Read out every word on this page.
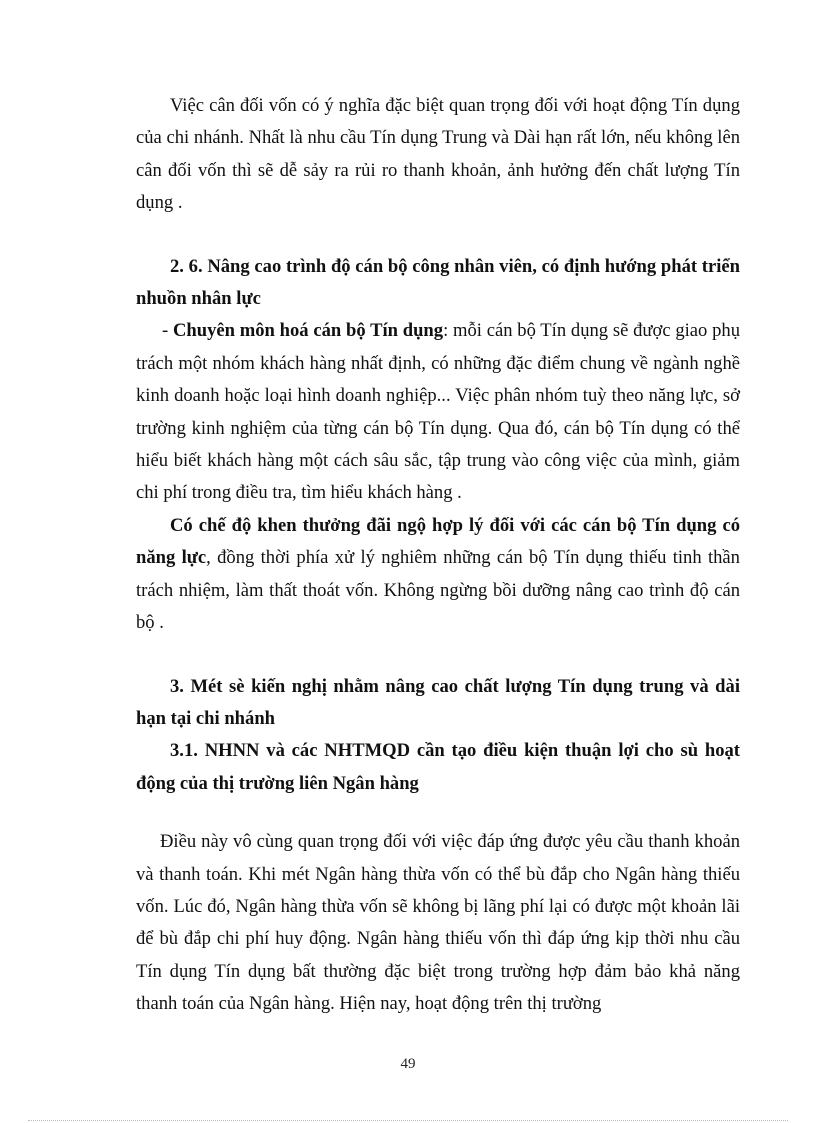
Việc cân đối vốn có ý nghĩa đặc biệt quan trọng đối với hoạt động Tín dụng của chi nhánh. Nhất là nhu cầu Tín dụng Trung và Dài hạn rất lớn, nếu không lên cân đối vốn thì sẽ dễ sảy ra rủi ro thanh khoản, ảnh hưởng đến chất lượng Tín dụng .

2. 6. Nâng cao trình độ cán bộ công nhân viên, có định hướng phát triển nhuồn nhân lực

- Chuyên môn hoá cán bộ Tín dụng: mỗi cán bộ Tín dụng sẽ được giao phụ trách một nhóm khách hàng nhất định, có những đặc điểm chung về ngành nghề kinh doanh hoặc loại hình doanh nghiệp... Việc phân nhóm tuỳ theo năng lực, sở trường kinh nghiệm của từng cán bộ Tín dụng. Qua đó, cán bộ Tín dụng có thể hiểu biết khách hàng một cách sâu sắc, tập trung vào công việc của mình, giảm chi phí trong điều tra, tìm hiểu khách hàng .

Có chế độ khen thưởng đãi ngộ hợp lý đối với các cán bộ Tín dụng có năng lực, đồng thời phía xử lý nghiêm những cán bộ Tín dụng thiếu tinh thần trách nhiệm, làm thất thoát vốn. Không ngừng bồi dưỡng nâng cao trình độ cán bộ .

3. Mét sè kiến nghị nhằm nâng cao chất lượng Tín dụng trung và dài hạn tại chi nhánh

3.1. NHNN và các NHTMQD cần tạo điều kiện thuận lợi cho sù hoạt động của thị trường liên Ngân hàng

Điều này vô cùng quan trọng đối với việc đáp ứng được yêu cầu thanh khoản và thanh toán. Khi mét Ngân hàng thừa vốn có thể bù đắp cho Ngân hàng thiếu vốn. Lúc đó, Ngân hàng thừa vốn sẽ không bị lãng phí lại có được một khoản lãi để bù đắp chi phí huy động. Ngân hàng thiếu vốn thì đáp ứng kịp thời nhu cầu Tín dụng Tín dụng bất thường đặc biệt trong trường hợp đảm bảo khả năng thanh toán của Ngân hàng. Hiện nay, hoạt động trên thị trường

49
